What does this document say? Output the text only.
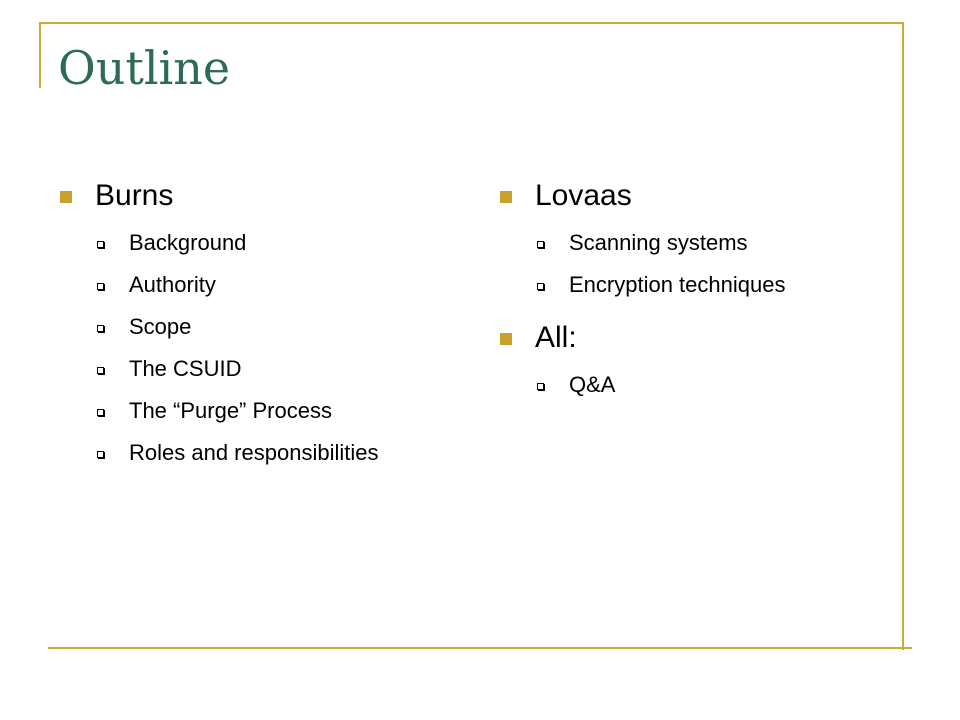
Outline
Burns
Background
Authority
Scope
The CSUID
The “Purge” Process
Roles and responsibilities
Lovaas
Scanning systems
Encryption techniques
All:
Q&A
